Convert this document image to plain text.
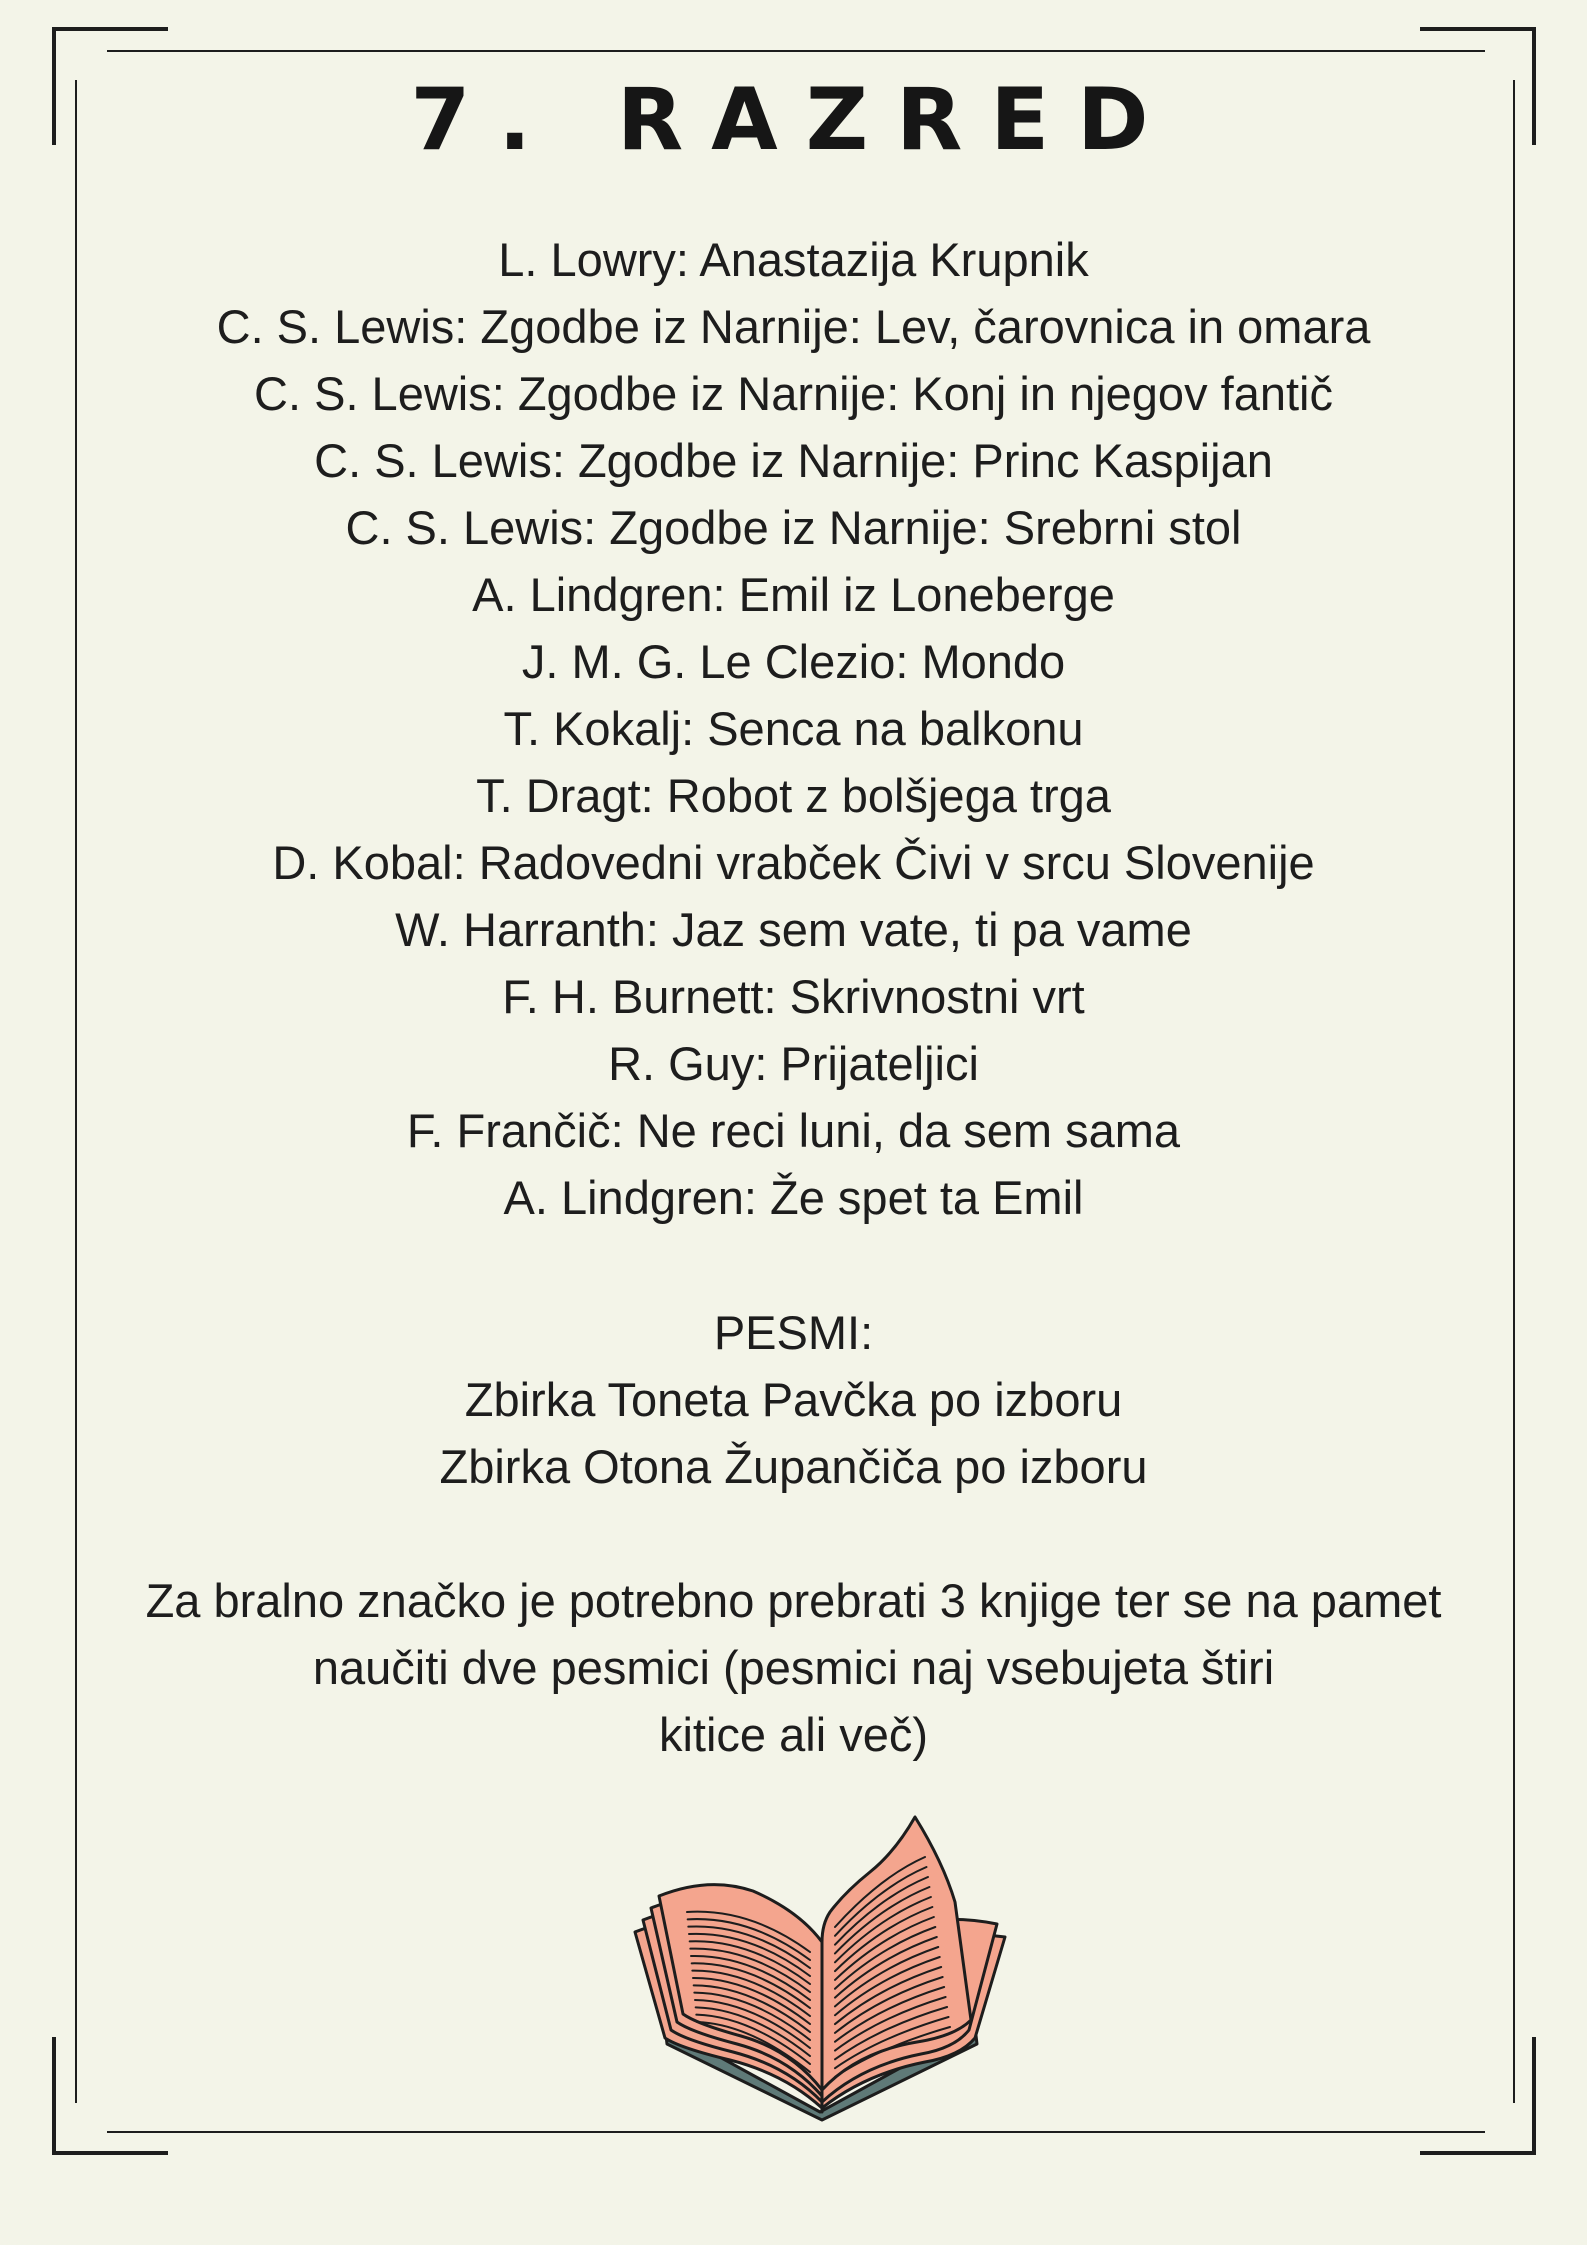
7. RAZRED
L. Lowry: Anastazija Krupnik
C. S. Lewis: Zgodbe iz Narnije: Lev, čarovnica in omara
C. S. Lewis: Zgodbe iz Narnije: Konj in njegov fantič
C. S. Lewis: Zgodbe iz Narnije: Princ Kaspijan
C. S. Lewis: Zgodbe iz Narnije: Srebrni stol
A. Lindgren: Emil iz Loneberge
J. M. G. Le Clezio: Mondo
T. Kokalj: Senca na balkonu
T. Dragt: Robot z bolšjega trga
D. Kobal: Radovedni vrabček Čivi v srcu Slovenije
W. Harranth: Jaz sem vate, ti pa vame
F. H. Burnett: Skrivnostni vrt
R. Guy: Prijateljici
F. Frančič: Ne reci luni, da sem sama
A. Lindgren: Že spet ta Emil
PESMI:
Zbirka Toneta Pavčka po izboru
Zbirka Otona Župančiča po izboru
Za bralno značko je potrebno prebrati 3 knjige ter se na pamet
naučiti dve pesmici (pesmici naj vsebujeta štiri
kitice ali več)
